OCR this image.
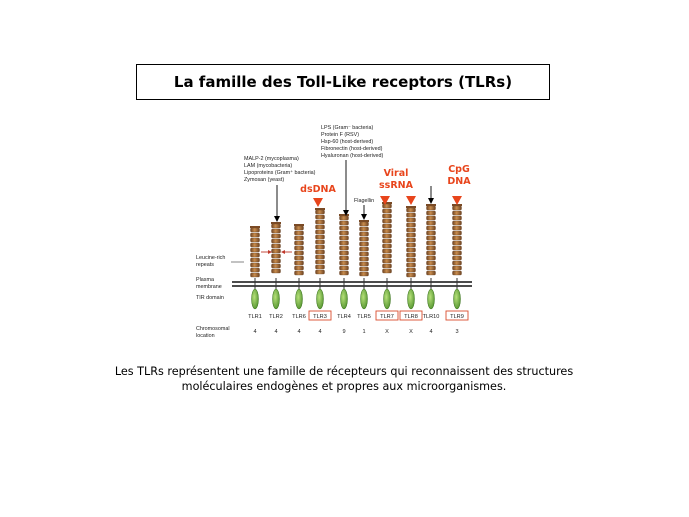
La famille des Toll-Like receptors (TLRs)
LPS (Gram⁻ bacteria)
Protein F (RSV)
Hsp-60 (host-derived)
Fibronectin (host-derived)
Hyaluronan (host-derived)
MALP-2 (mycoplasma)
LAM (mycobacteria)
Lipoproteins (Gram⁺ bacteria)
Zymosan (yeast)
Flagellin
dsDNA
Viral
ssRNA
CpG
DNA
Leucine-rich
repeats
Plasma
membrane
TIR domain
Chromosomal
location
TLR1
4
TLR2
4
TLR6
4
TLR3
4
TLR4
9
TLR5
1
TLR7
X
TLR8
X
TLR10
4
TLR9
3
Les TLRs représentent une famille de récepteurs qui reconnaissent des structures
moléculaires endogènes et propres aux microorganismes.
